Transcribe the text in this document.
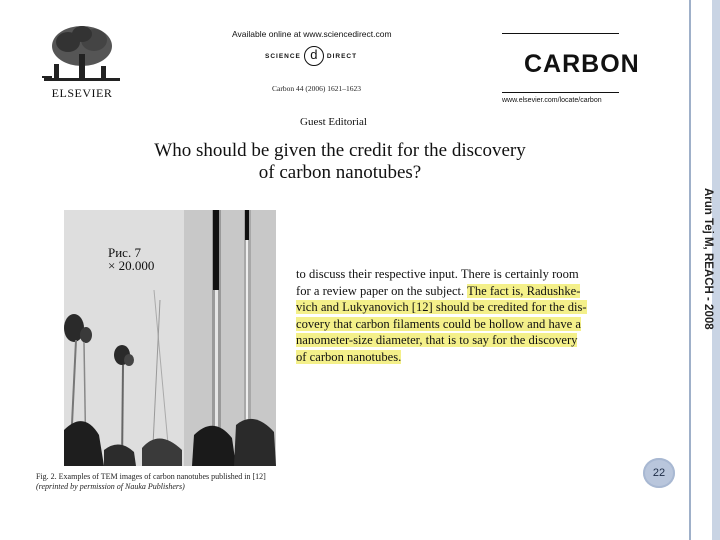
Arun Tej M, REACH - 2008
ELSEVIER
Available online at www.sciencedirect.com
SCIENCE d	DIRECT
Carbon 44 (2006) 1621–1623
Guest Editorial
CARBON
www.elsevier.com/locate/carbon
Who should be given the credit for the discovery
of carbon nanotubes?
Рис. 7
× 20.000
Fig. 2. Examples of TEM images of carbon nanotubes published in [12]
(reprinted by permission of Nauka Publishers)
to discuss their respective input. There is certainly room
for a review paper on the subject. The fact is, Radushke-
vich and Lukyanovich [12] should be credited for the dis-
covery that carbon filaments could be hollow and have a
nanometer-size diameter, that is to say for the discovery
of carbon nanotubes.
22
